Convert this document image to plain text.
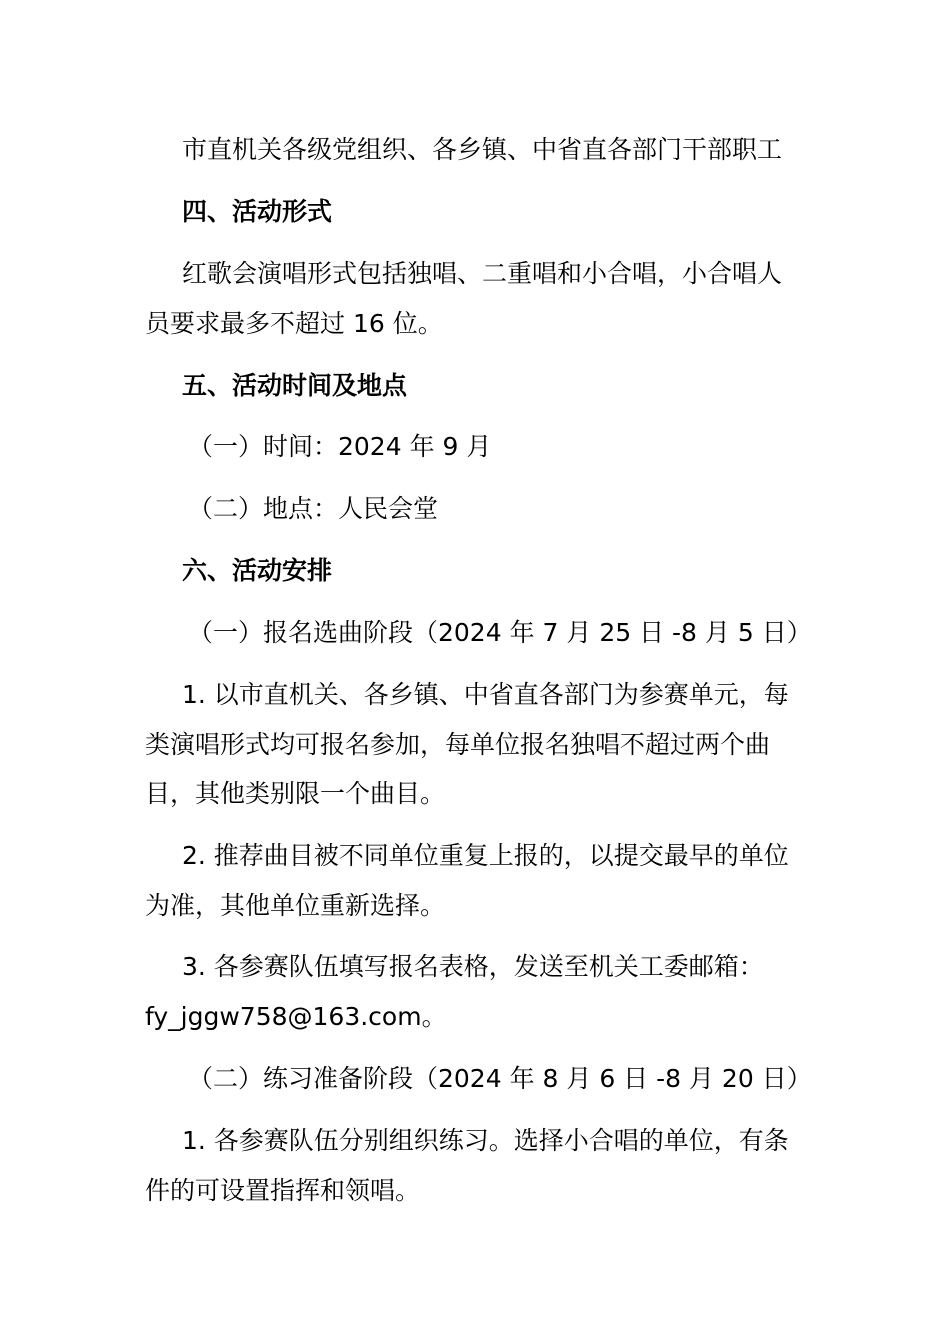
市直机关各级党组织、各乡镇、中省直各部门干部职工

四、活动形式

红歌会演唱形式包括独唱、二重唱和小合唱，小合唱人

员要求最多不超过 16 位。

五、活动时间及地点

（一）时间：2024 年 9 月

（二）地点：人民会堂

六、活动安排

（一）报名选曲阶段（2024 年 7 月 25 日 -8 月 5 日）

1. 以市直机关、各乡镇、中省直各部门为参赛单元，每

类演唱形式均可报名参加，每单位报名独唱不超过两个曲

目，其他类别限一个曲目。

2. 推荐曲目被不同单位重复上报的，以提交最早的单位

为准，其他单位重新选择。

3. 各参赛队伍填写报名表格，发送至机关工委邮箱：

fy_jggw758@163.com。

（二）练习准备阶段（2024 年 8 月 6 日 -8 月 20 日）

1. 各参赛队伍分别组织练习。选择小合唱的单位，有条

件的可设置指挥和领唱。
